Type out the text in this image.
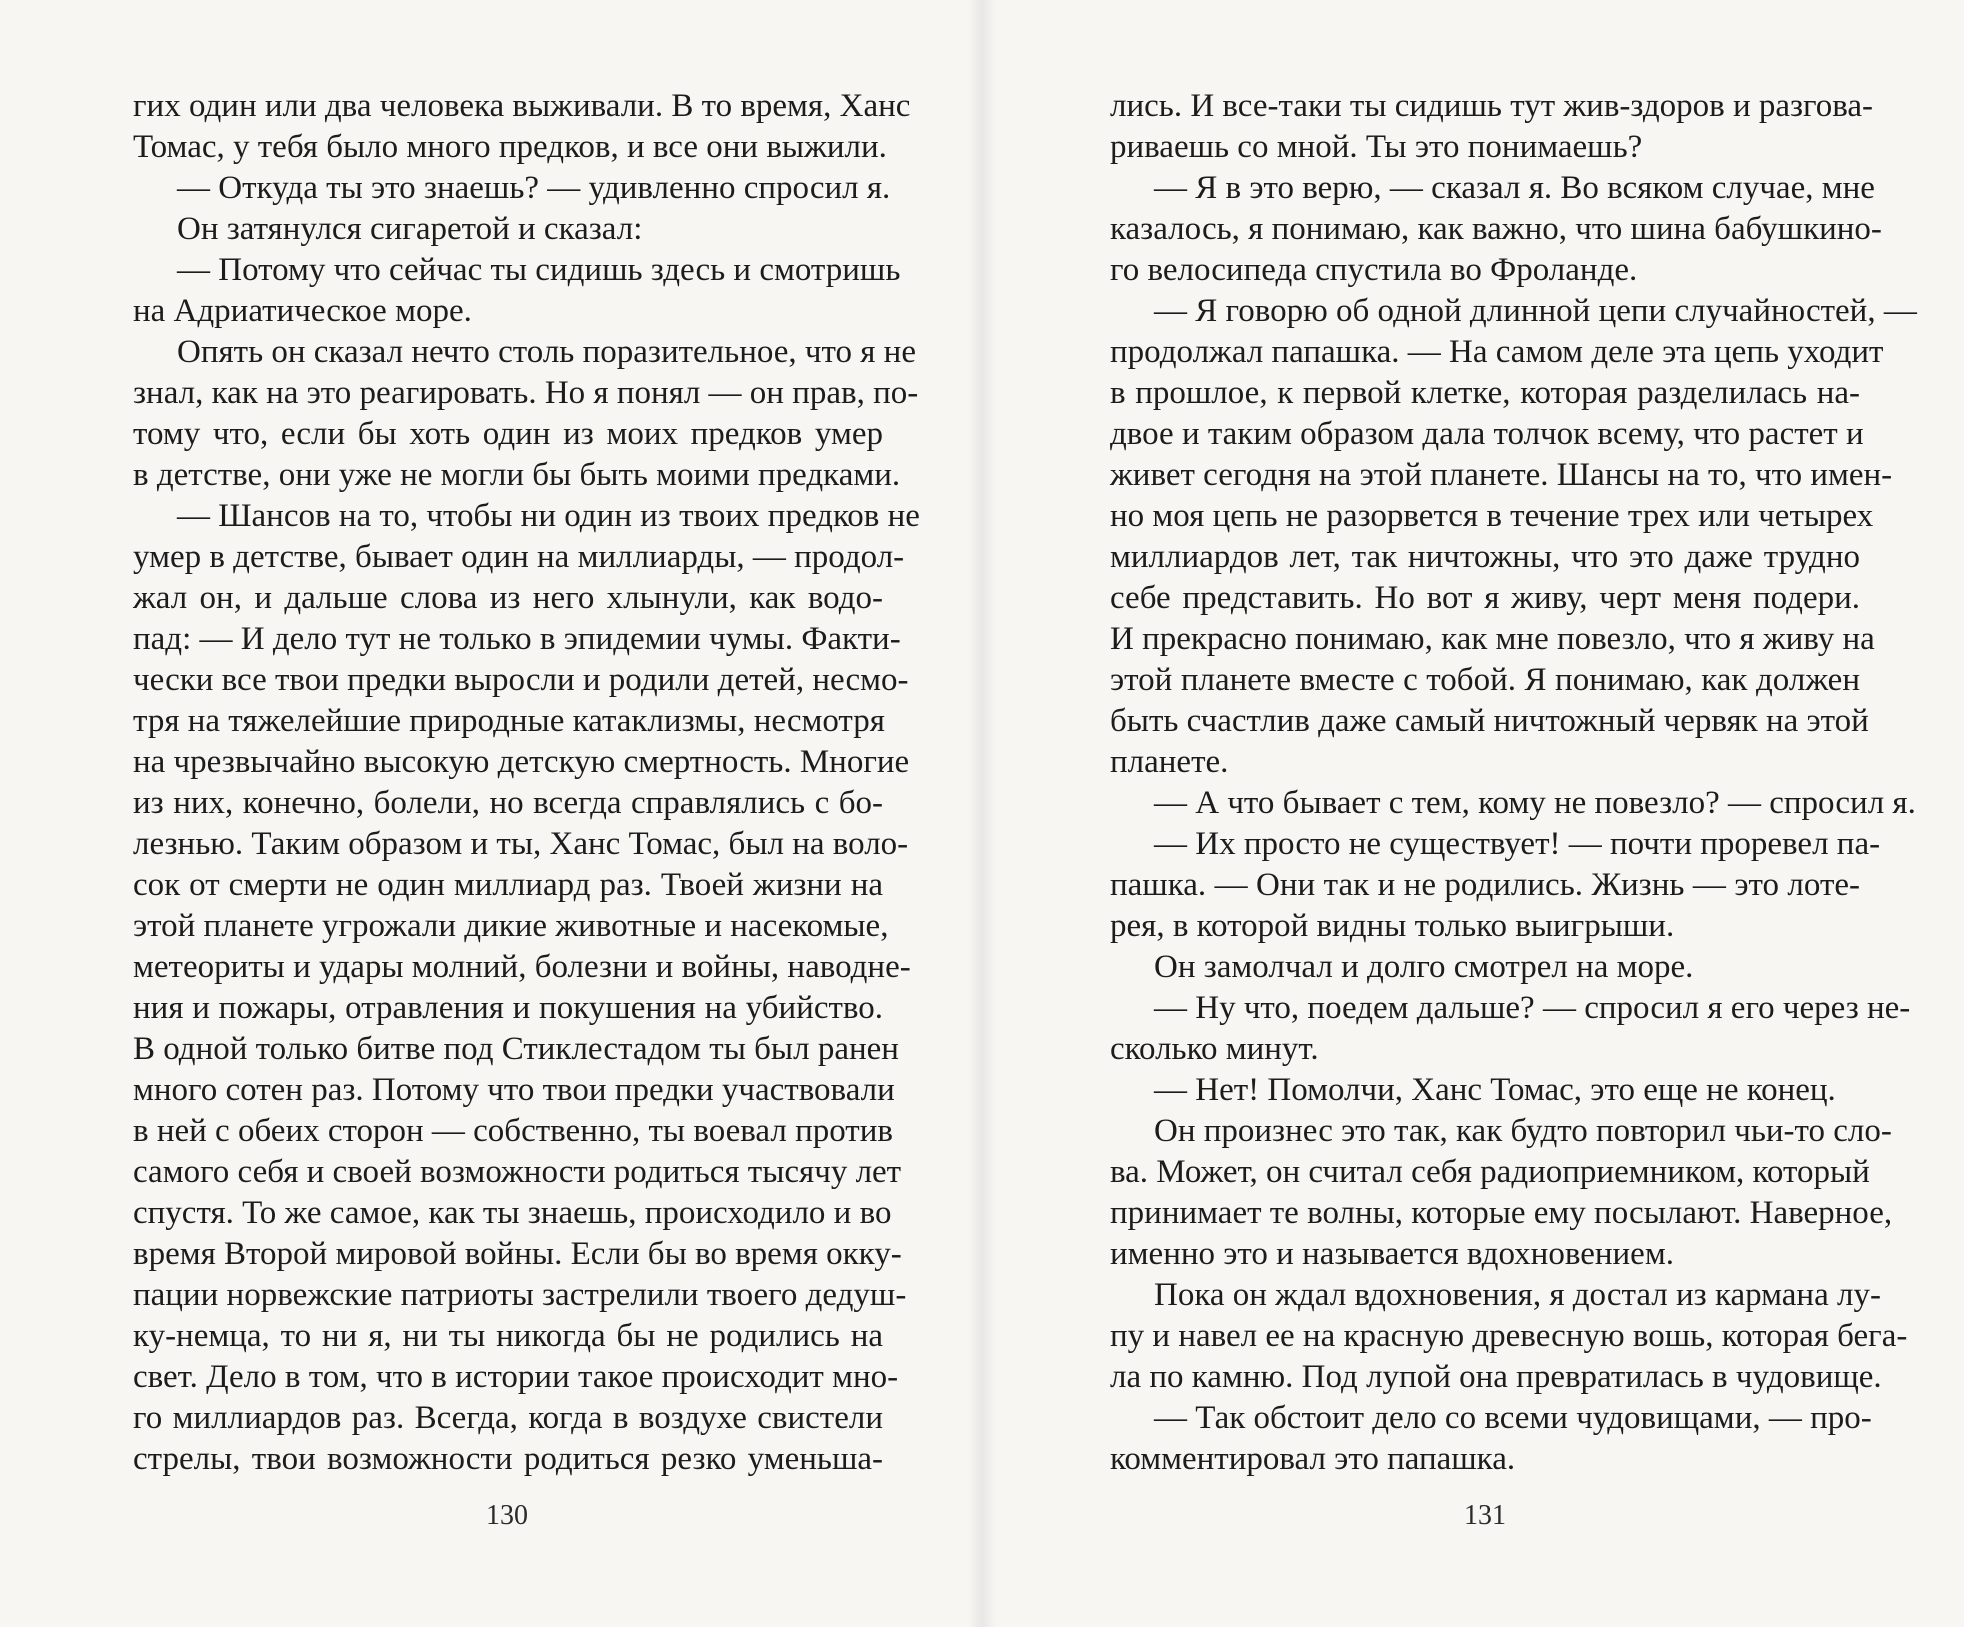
гих один или два человека выживали. В то время, Ханс
Томас, у тебя было много предков, и все они выжили.
— Откуда ты это знаешь? — удивленно спросил я.
Он затянулся сигаретой и сказал:
— Потому что сейчас ты сидишь здесь и смотришь
на Адриатическое море.
Опять он сказал нечто столь поразительное, что я не
знал, как на это реагировать. Но я понял — он прав, по-
тому что, если бы хоть один из моих предков умер
в детстве, они уже не могли бы быть моими предками.
— Шансов на то, чтобы ни один из твоих предков не
умер в детстве, бывает один на миллиарды, — продол-
жал он, и дальше слова из него хлынули, как водо-
пад: — И дело тут не только в эпидемии чумы. Факти-
чески все твои предки выросли и родили детей, несмо-
тря на тяжелейшие природные катаклизмы, несмотря
на чрезвычайно высокую детскую смертность. Многие
из них, конечно, болели, но всегда справлялись с бо-
лезнью. Таким образом и ты, Ханс Томас, был на воло-
сок от смерти не один миллиард раз. Твоей жизни на
этой планете угрожали дикие животные и насекомые,
метеориты и удары молний, болезни и войны, наводне-
ния и пожары, отравления и покушения на убийство.
В одной только битве под Стиклестадом ты был ранен
много сотен раз. Потому что твои предки участвовали
в ней с обеих сторон — собственно, ты воевал против
самого себя и своей возможности родиться тысячу лет
спустя. То же самое, как ты знаешь, происходило и во
время Второй мировой войны. Если бы во время окку-
пации норвежские патриоты застрелили твоего дедуш-
ку-немца, то ни я, ни ты никогда бы не родились на
свет. Дело в том, что в истории такое происходит мно-
го миллиардов раз. Всегда, когда в воздухе свистели
стрелы, твои возможности родиться резко уменьша-
лись. И все-таки ты сидишь тут жив-здоров и разгова-
риваешь со мной. Ты это понимаешь?
— Я в это верю, — сказал я. Во всяком случае, мне
казалось, я понимаю, как важно, что шина бабушкино-
го велосипеда спустила во Фроланде.
— Я говорю об одной длинной цепи случайностей, —
продолжал папашка. — На самом деле эта цепь уходит
в прошлое, к первой клетке, которая разделилась на-
двое и таким образом дала толчок всему, что растет и
живет сегодня на этой планете. Шансы на то, что имен-
но моя цепь не разорвется в течение трех или четырех
миллиардов лет, так ничтожны, что это даже трудно
себе представить. Но вот я живу, черт меня подери.
И прекрасно понимаю, как мне повезло, что я живу на
этой планете вместе с тобой. Я понимаю, как должен
быть счастлив даже самый ничтожный червяк на этой
планете.
— А что бывает с тем, кому не повезло? — спросил я.
— Их просто не существует! — почти проревел па-
пашка. — Они так и не родились. Жизнь — это лоте-
рея, в которой видны только выигрыши.
Он замолчал и долго смотрел на море.
— Ну что, поедем дальше? — спросил я его через не-
сколько минут.
— Нет! Помолчи, Ханс Томас, это еще не конец.
Он произнес это так, как будто повторил чьи-то сло-
ва. Может, он считал себя радиоприемником, который
принимает те волны, которые ему посылают. Наверное,
именно это и называется вдохновением.
Пока он ждал вдохновения, я достал из кармана лу-
пу и навел ее на красную древесную вошь, которая бега-
ла по камню. Под лупой она превратилась в чудовище.
— Так обстоит дело со всеми чудовищами, — про-
комментировал это папашка.
130	131
